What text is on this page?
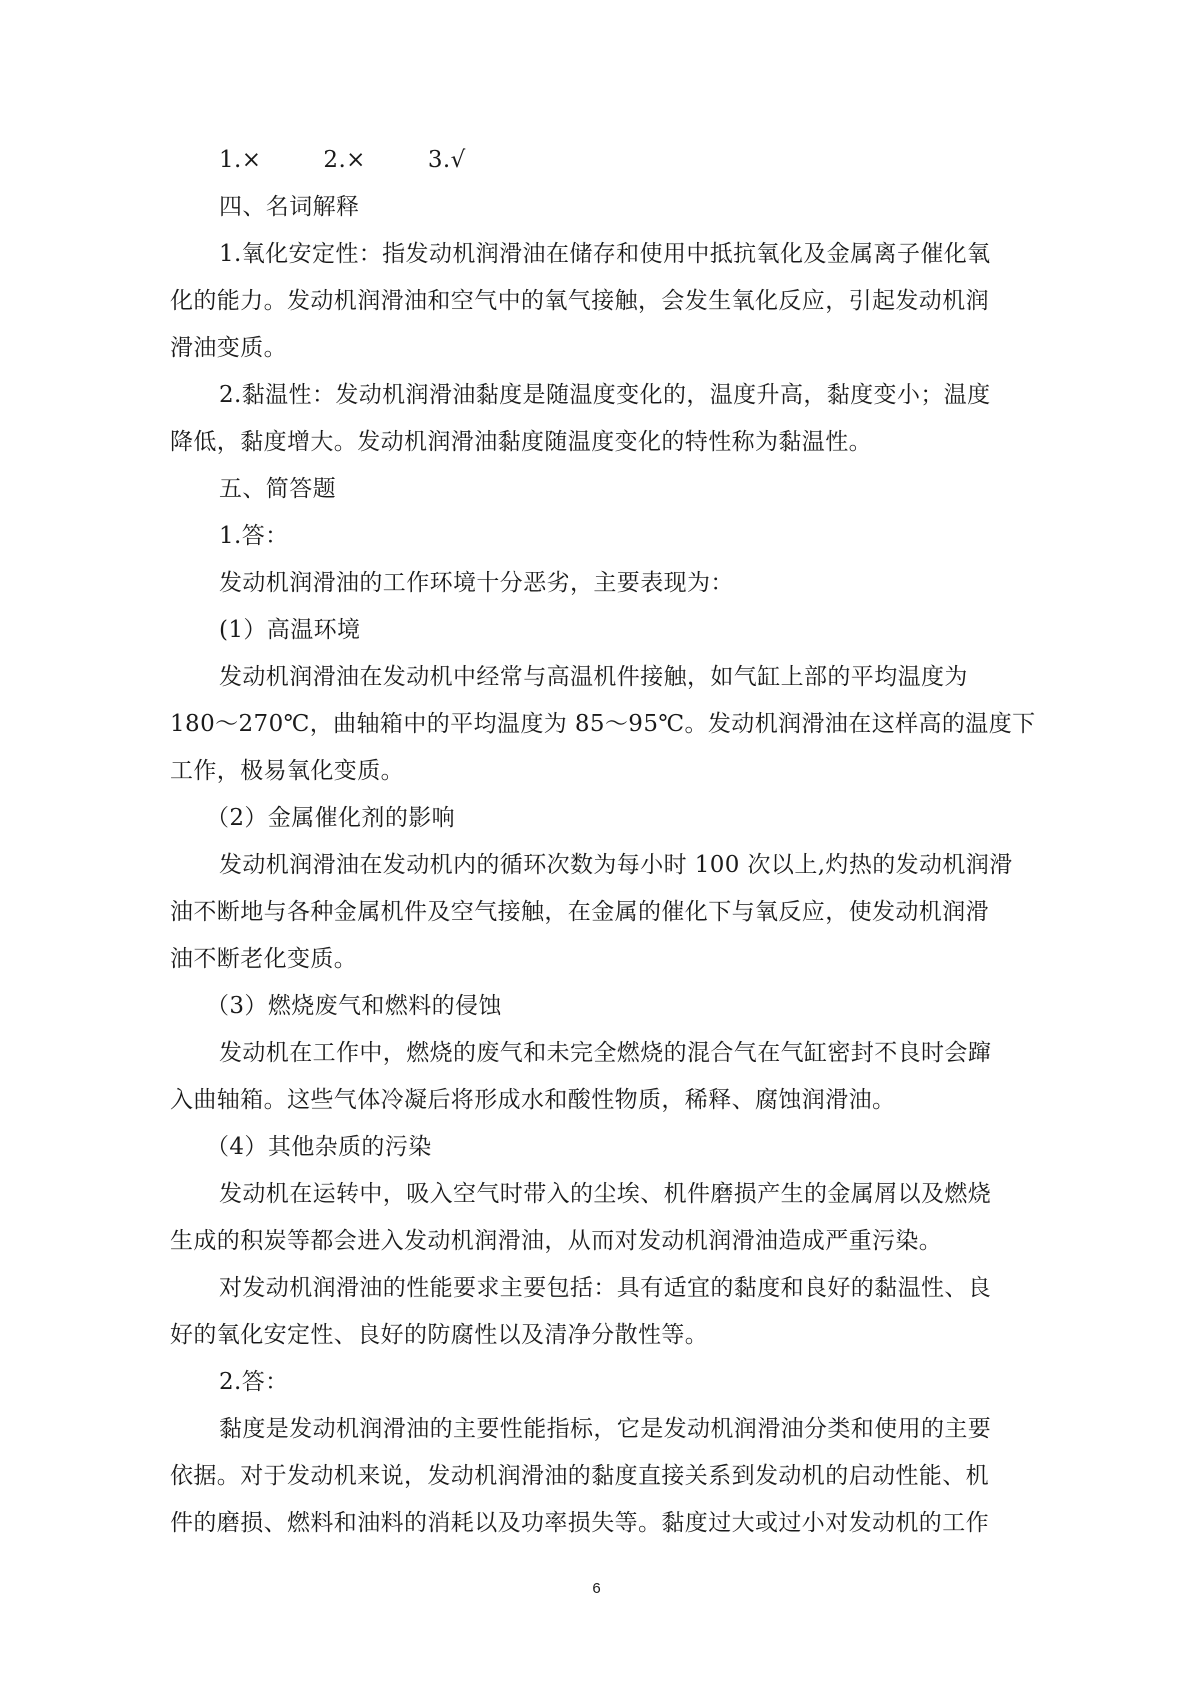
1.×	2.×	3.√
四、名词解释
1.氧化安定性：指发动机润滑油在储存和使用中抵抗氧化及金属离子催化氧
化的能力。发动机润滑油和空气中的氧气接触，会发生氧化反应，引起发动机润
滑油变质。
2.黏温性：发动机润滑油黏度是随温度变化的，温度升高，黏度变小；温度
降低，黏度增大。发动机润滑油黏度随温度变化的特性称为黏温性。
五、简答题
1.答：
发动机润滑油的工作环境十分恶劣，主要表现为：
(1）高温环境
发动机润滑油在发动机中经常与高温机件接触，如气缸上部的平均温度为
180～270℃，曲轴箱中的平均温度为 85～95℃。发动机润滑油在这样高的温度下
工作，极易氧化变质。
（2）金属催化剂的影响
发动机润滑油在发动机内的循环次数为每小时 100 次以上,灼热的发动机润滑
油不断地与各种金属机件及空气接触，在金属的催化下与氧反应，使发动机润滑
油不断老化变质。
（3）燃烧废气和燃料的侵蚀
发动机在工作中，燃烧的废气和未完全燃烧的混合气在气缸密封不良时会蹿
入曲轴箱。这些气体冷凝后将形成水和酸性物质，稀释、腐蚀润滑油。
（4）其他杂质的污染
发动机在运转中，吸入空气时带入的尘埃、机件磨损产生的金属屑以及燃烧
生成的积炭等都会进入发动机润滑油，从而对发动机润滑油造成严重污染。
对发动机润滑油的性能要求主要包括：具有适宜的黏度和良好的黏温性、良
好的氧化安定性、良好的防腐性以及清净分散性等。
2.答：
黏度是发动机润滑油的主要性能指标，它是发动机润滑油分类和使用的主要
依据。对于发动机来说，发动机润滑油的黏度直接关系到发动机的启动性能、机
件的磨损、燃料和油料的消耗以及功率损失等。黏度过大或过小对发动机的工作
6
